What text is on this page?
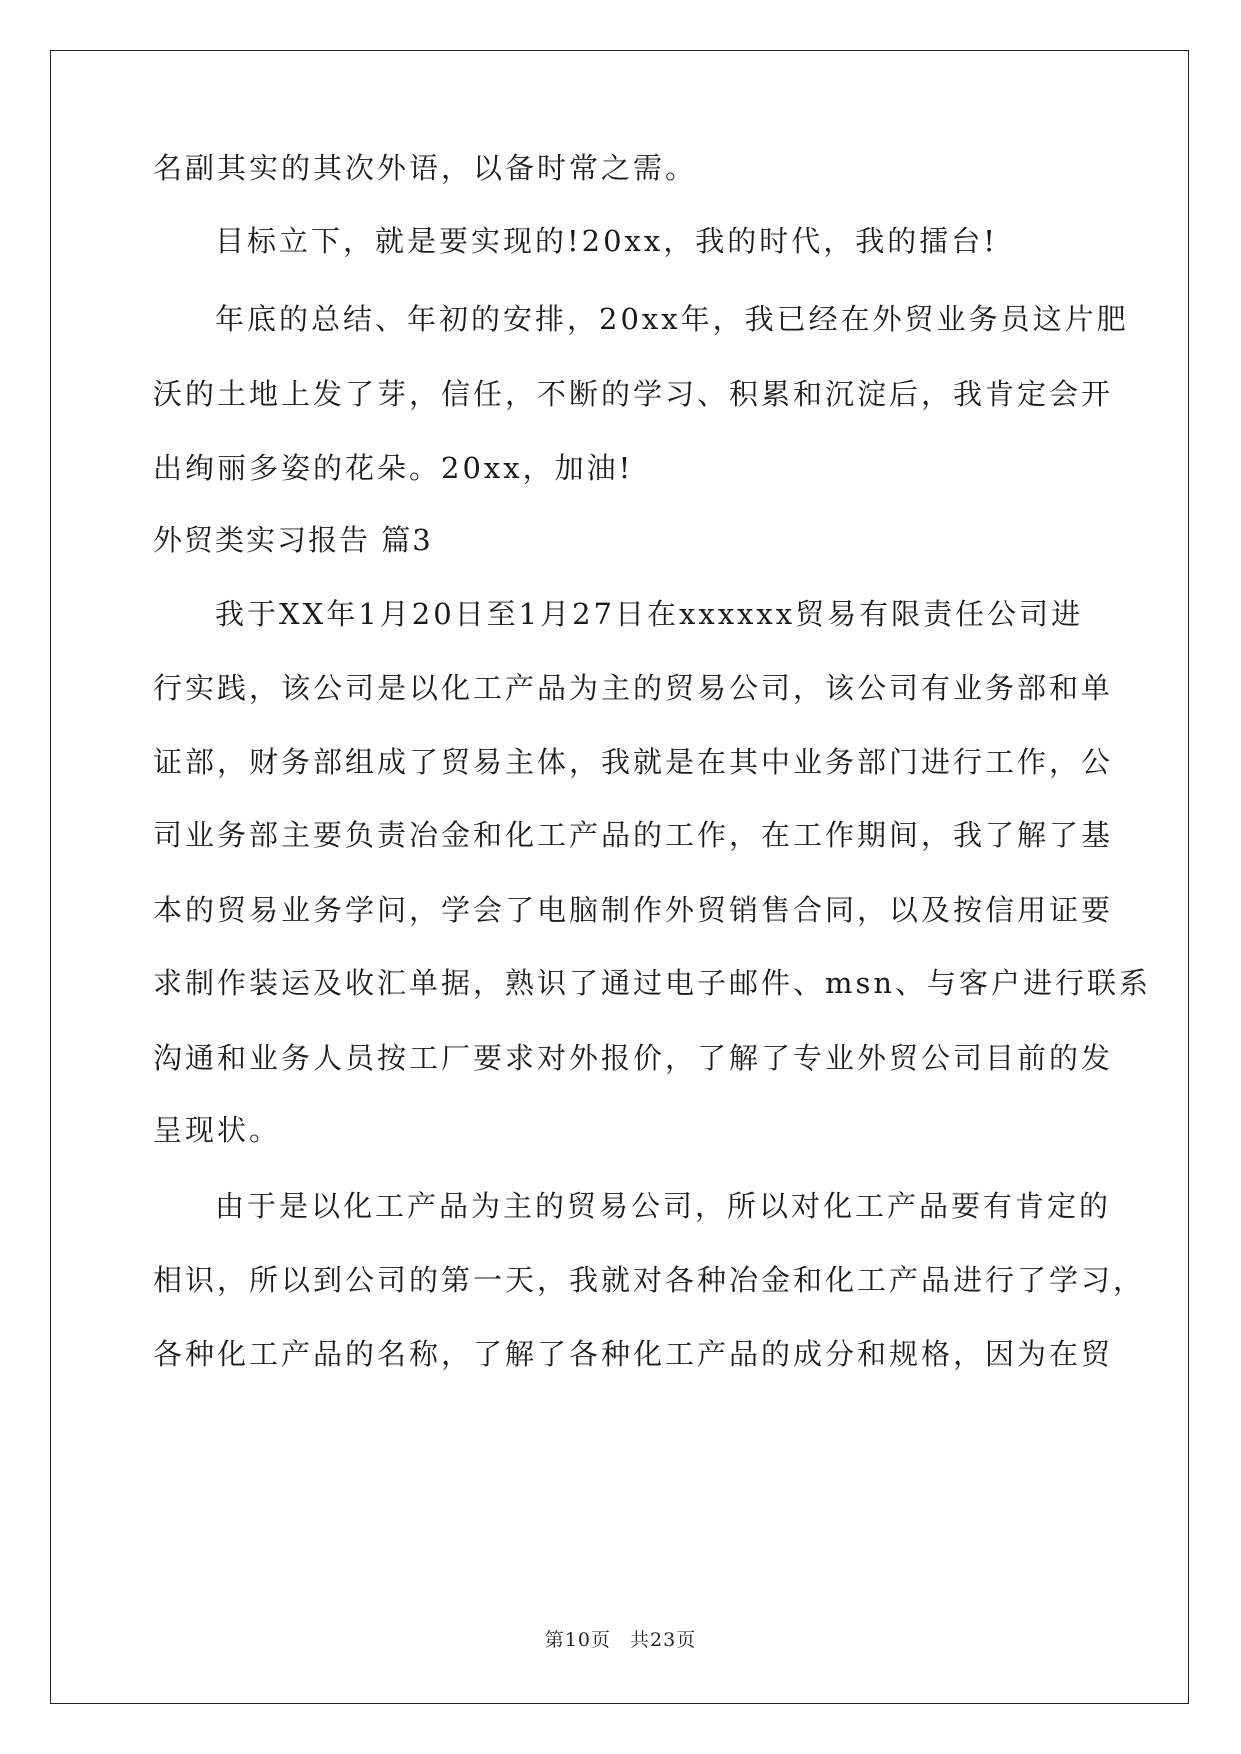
名副其实的其次外语，以备时常之需。
目标立下，就是要实现的!20xx，我的时代，我的擂台!
年底的总结、年初的安排，20xx年，我已经在外贸业务员这片肥
沃的土地上发了芽，信任，不断的学习、积累和沉淀后，我肯定会开
出绚丽多姿的花朵。20xx，加油!
外贸类实习报告 篇3
我于XX年1月20日至1月27日在xxxxxx贸易有限责任公司进
行实践，该公司是以化工产品为主的贸易公司，该公司有业务部和单
证部，财务部组成了贸易主体，我就是在其中业务部门进行工作，公
司业务部主要负责冶金和化工产品的工作，在工作期间，我了解了基
本的贸易业务学问，学会了电脑制作外贸销售合同，以及按信用证要
求制作装运及收汇单据，熟识了通过电子邮件、msn、与客户进行联系
沟通和业务人员按工厂要求对外报价，了解了专业外贸公司目前的发
呈现状。
由于是以化工产品为主的贸易公司，所以对化工产品要有肯定的
相识，所以到公司的第一天，我就对各种冶金和化工产品进行了学习，
各种化工产品的名称，了解了各种化工产品的成分和规格，因为在贸
第10页 共23页
